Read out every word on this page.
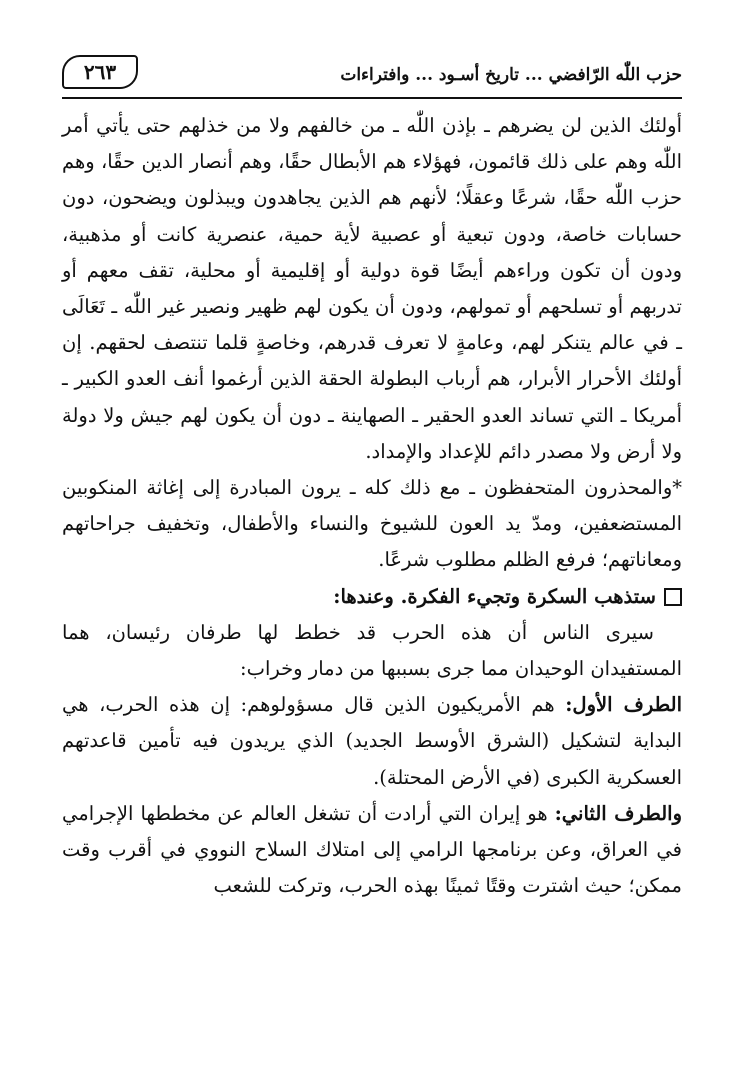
حزب اللّٰه الرّافضي ... تاريخ أسـود ... وافتراءات
٢٦٣

أولئك الذين لن يضرهم ـ بإذن اللّٰه ـ من خالفهم ولا من خذلهم حتى يأتي أمر اللّٰه وهم على ذلك قائمون، فهؤلاء هم الأبطال حقًا، وهم أنصار الدين حقًا، وهم حزب اللّٰه حقًا، شرعًا وعقلًا؛ لأنهم هم الذين يجاهدون ويبذلون ويضحون، دون حسابات خاصة، ودون تبعية أو عصبية لأية حمية، عنصرية كانت أو مذهبية، ودون أن تكون وراءهم أيضًا قوة دولية أو إقليمية أو محلية، تقف معهم أو تدربهم أو تسلحهم أو تمولهم، ودون أن يكون لهم ظهير ونصير غير اللّٰه ـ تَعَالَى ـ في عالم يتنكر لهم، وعامةٍ لا تعرف قدرهم، وخاصةٍ قلما تنتصف لحقهم. إن أولئك الأحرار الأبرار، هم أرباب البطولة الحقة الذين أرغموا أنف العدو الكبير ـ أمريكا ـ التي تساند العدو الحقير ـ الصهاينة ـ دون أن يكون لهم جيش ولا دولة ولا أرض ولا مصدر دائم للإعداد والإمداد.

*والمحذرون المتحفظون ـ مع ذلك كله ـ يرون المبادرة إلى إغاثة المنكوبين المستضعفين، ومدّ يد العون للشيوخ والنساء والأطفال، وتخفيف جراحاتهم ومعاناتهم؛ فرفع الظلم مطلوب شرعًا.

ستذهب السكرة وتجيء الفكرة. وعندها:

سيرى الناس أن هذه الحرب قد خطط لها طرفان رئيسان، هما المستفيدان الوحيدان مما جرى بسببها من دمار وخراب:

الطرف الأول: هم الأمريكيون الذين قال مسؤولوهم: إن هذه الحرب، هي البداية لتشكيل (الشرق الأوسط الجديد) الذي يريدون فيه تأمين قاعدتهم العسكرية الكبرى (في الأرض المحتلة).

والطرف الثاني: هو إيران التي أرادت أن تشغل العالم عن مخططها الإجرامي في العراق، وعن برنامجها الرامي إلى امتلاك السلاح النووي في أقرب وقت ممكن؛ حيث اشترت وقتًا ثمينًا بهذه الحرب، وتركت للشعب
